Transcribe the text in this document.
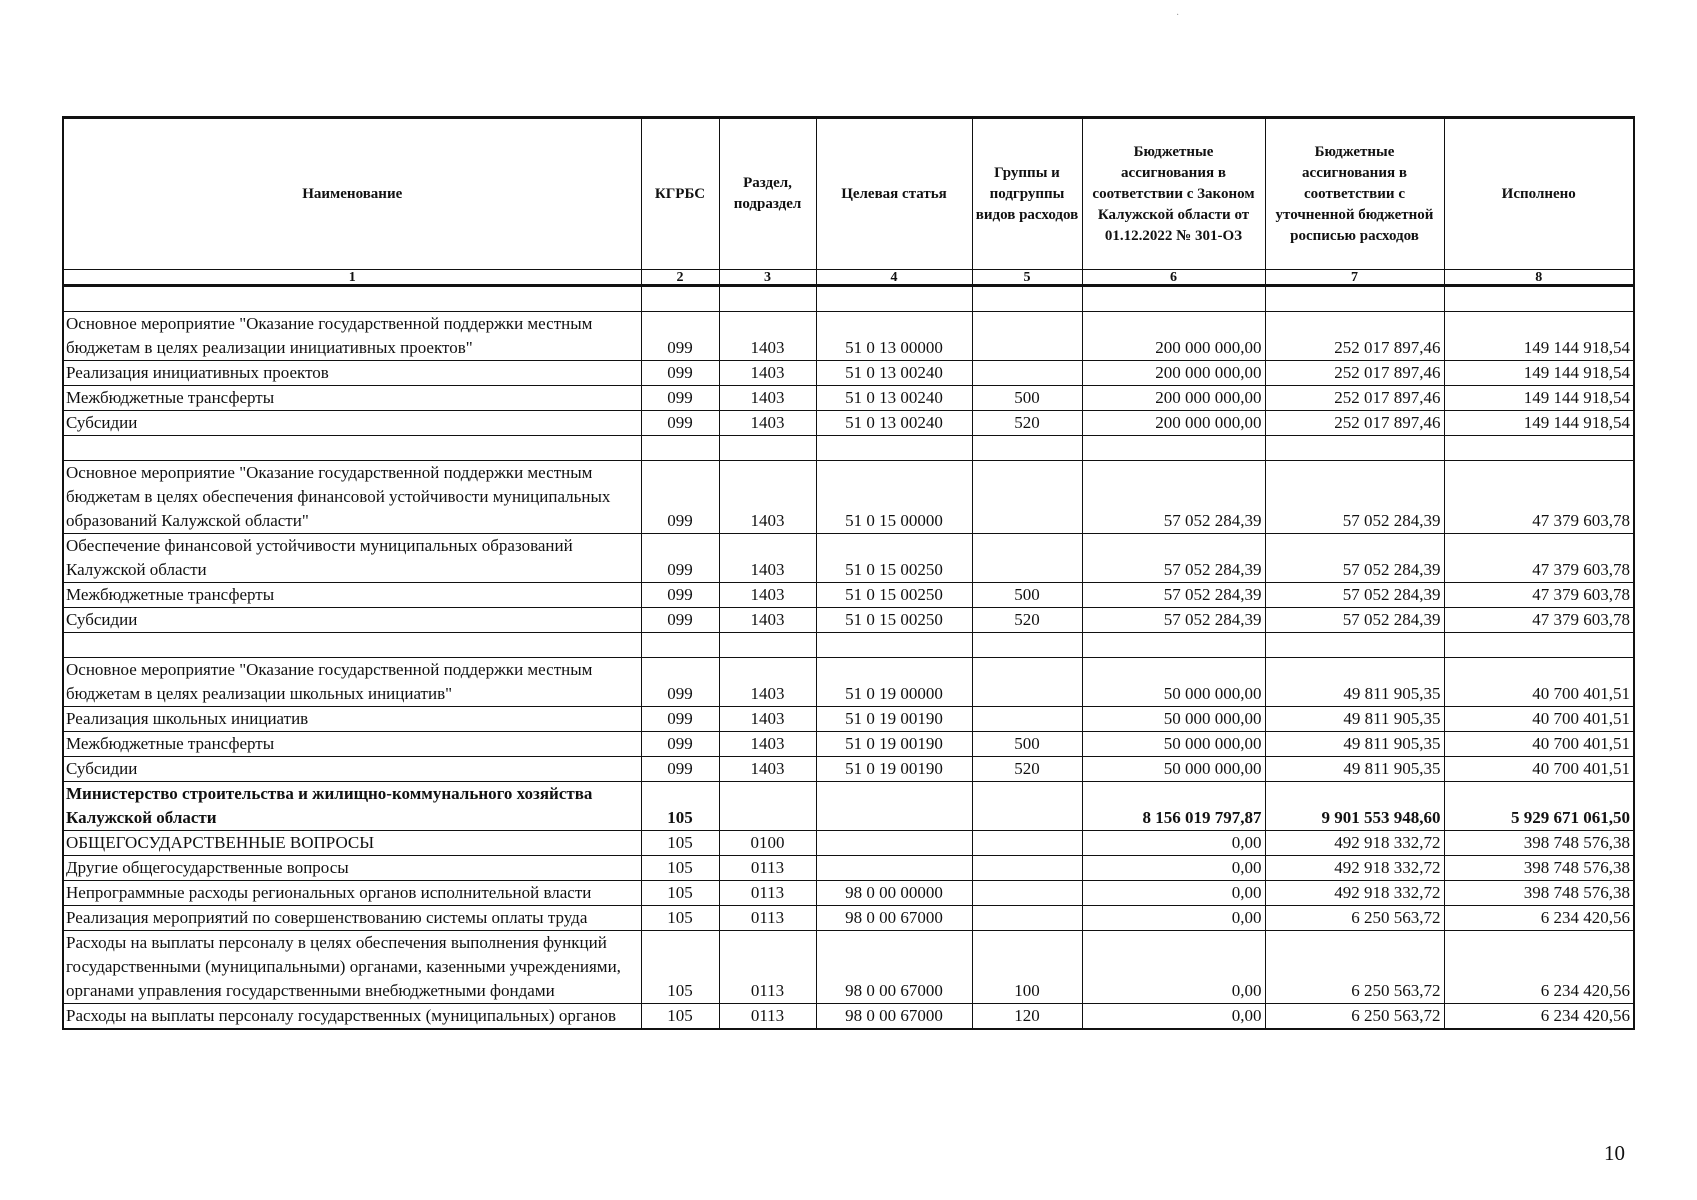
·
Наименование	КГРБС	Раздел, подраздел	Целевая статья	Группы и подгруппы видов расходов	Бюджетные ассигнования в соответствии с Законом Калужской области от 01.12.2022 № 301-ОЗ	Бюджетные ассигнования в соответствии с уточненной бюджетной росписью расходов	Исполнено
1	2	3	4	5	6	7	8

Основное мероприятие "Оказание государственной поддержки местным бюджетам в целях реализации инициативных проектов"	099	1403	51 0 13 00000		200 000 000,00	252 017 897,46	149 144 918,54
Реализация инициативных проектов	099	1403	51 0 13 00240		200 000 000,00	252 017 897,46	149 144 918,54
Межбюджетные трансферты	099	1403	51 0 13 00240	500	200 000 000,00	252 017 897,46	149 144 918,54
Субсидии	099	1403	51 0 13 00240	520	200 000 000,00	252 017 897,46	149 144 918,54

Основное мероприятие "Оказание государственной поддержки местным бюджетам в целях обеспечения финансовой устойчивости муниципальных образований Калужской области"	099	1403	51 0 15 00000		57 052 284,39	57 052 284,39	47 379 603,78
Обеспечение финансовой устойчивости муниципальных образований Калужской области	099	1403	51 0 15 00250		57 052 284,39	57 052 284,39	47 379 603,78
Межбюджетные трансферты	099	1403	51 0 15 00250	500	57 052 284,39	57 052 284,39	47 379 603,78
Субсидии	099	1403	51 0 15 00250	520	57 052 284,39	57 052 284,39	47 379 603,78

Основное мероприятие "Оказание государственной поддержки местным бюджетам в целях реализации школьных инициатив"	099	1403	51 0 19 00000		50 000 000,00	49 811 905,35	40 700 401,51
Реализация школьных инициатив	099	1403	51 0 19 00190		50 000 000,00	49 811 905,35	40 700 401,51
Межбюджетные трансферты	099	1403	51 0 19 00190	500	50 000 000,00	49 811 905,35	40 700 401,51
Субсидии	099	1403	51 0 19 00190	520	50 000 000,00	49 811 905,35	40 700 401,51
Министерство строительства и жилищно-коммунального хозяйства Калужской области	105				8 156 019 797,87	9 901 553 948,60	5 929 671 061,50
ОБЩЕГОСУДАРСТВЕННЫЕ ВОПРОСЫ	105	0100			0,00	492 918 332,72	398 748 576,38
Другие общегосударственные вопросы	105	0113			0,00	492 918 332,72	398 748 576,38
Непрограммные расходы региональных органов исполнительной власти	105	0113	98 0 00 00000		0,00	492 918 332,72	398 748 576,38
Реализация мероприятий по совершенствованию системы оплаты труда	105	0113	98 0 00 67000		0,00	6 250 563,72	6 234 420,56
Расходы на выплаты персоналу в целях обеспечения выполнения функций государственными (муниципальными) органами, казенными учреждениями, органами управления государственными внебюджетными фондами	105	0113	98 0 00 67000	100	0,00	6 250 563,72	6 234 420,56
Расходы на выплаты персоналу государственных (муниципальных) органов	105	0113	98 0 00 67000	120	0,00	6 250 563,72	6 234 420,56
10
